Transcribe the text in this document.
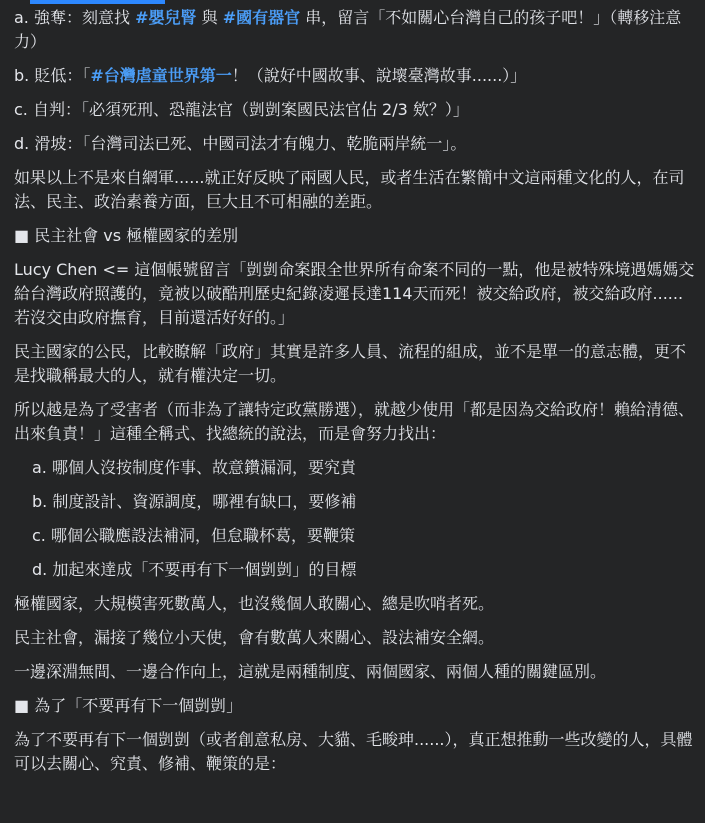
a. 強奪：刻意找 #嬰兒腎 與 #國有器官 串，留言「不如關心台灣自己的孩子吧！」（轉移注意力）

b. 貶低：「#台灣虐童世界第一！（說好中國故事、說壞臺灣故事......）」

c. 自判：「必須死刑、恐龍法官（剴剴案國民法官佔 2/3 欸？）」

d. 滑坡：「台灣司法已死、中國司法才有魄力、乾脆兩岸統一」。

如果以上不是來自網軍......就正好反映了兩國人民，或者生活在繁簡中文這兩種文化的人，在司法、民主、政治素養方面，巨大且不可相融的差距。

■ 民主社會 vs 極權國家的差別

Lucy Chen <= 這個帳號留言「剴剴命案跟全世界所有命案不同的一點，他是被特殊境遇媽媽交給台灣政府照護的，竟被以破酷刑歷史紀錄凌遲長達114天而死！被交給政府，被交給政府......若沒交由政府撫育，目前還活好好的。」

民主國家的公民，比較瞭解「政府」其實是許多人員、流程的組成，並不是單一的意志體，更不是找職稱最大的人，就有權決定一切。

所以越是為了受害者（而非為了讓特定政黨勝選），就越少使用「都是因為交給政府！賴給清德、出來負責！」這種全稱式、找總統的說法，而是會努力找出：

a. 哪個人沒按制度作事、故意鑽漏洞，要究責

b. 制度設計、資源調度，哪裡有缺口，要修補

c. 哪個公職應設法補洞，但怠職杯葛，要鞭策

d. 加起來達成「不要再有下一個剴剴」的目標

極權國家，大規模害死數萬人，也沒幾個人敢關心、總是吹哨者死。

民主社會，漏接了幾位小天使，會有數萬人來關心、設法補安全網。

一邊深淵無間、一邊合作向上，這就是兩種制度、兩個國家、兩個人種的關鍵區別。

■ 為了「不要再有下一個剴剴」

為了不要再有下一個剴剴（或者創意私房、大貓、毛畯珅......），真正想推動一些改變的人，具體可以去關心、究責、修補、鞭策的是：
